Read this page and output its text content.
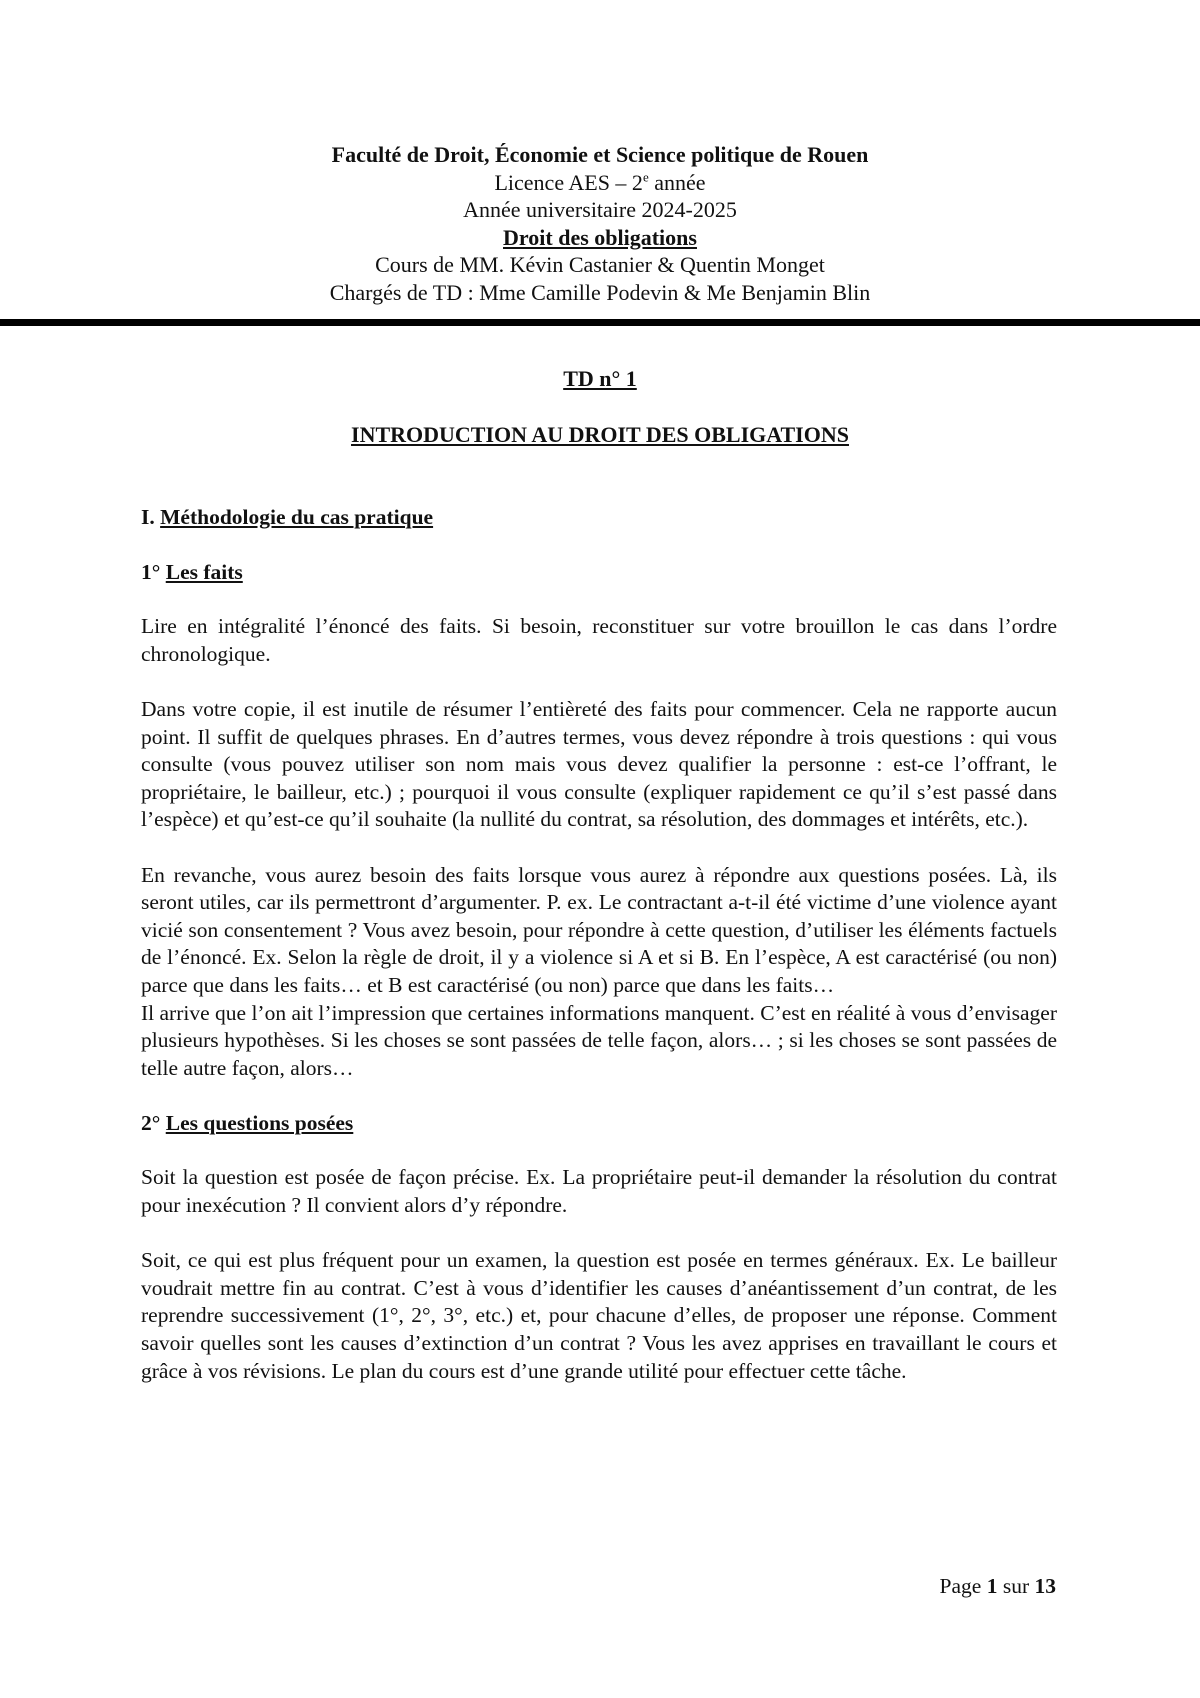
Faculté de Droit, Économie et Science politique de Rouen
Licence AES – 2e année
Année universitaire 2024-2025
Droit des obligations
Cours de MM. Kévin Castanier & Quentin Monget
Chargés de TD : Mme Camille Podevin & Me Benjamin Blin
TD n° 1
INTRODUCTION AU DROIT DES OBLIGATIONS
I. Méthodologie du cas pratique
1° Les faits

Lire en intégralité l’énoncé des faits. Si besoin, reconstituer sur votre brouillon le cas dans l’ordre chronologique.

Dans votre copie, il est inutile de résumer l’entièreté des faits pour commencer. Cela ne rapporte aucun point. Il suffit de quelques phrases. En d’autres termes, vous devez répondre à trois questions : qui vous consulte (vous pouvez utiliser son nom mais vous devez qualifier la personne : est-ce l’offrant, le propriétaire, le bailleur, etc.) ; pourquoi il vous consulte (expliquer rapidement ce qu’il s’est passé dans l’espèce) et qu’est-ce qu’il souhaite (la nullité du contrat, sa résolution, des dommages et intérêts, etc.).

En revanche, vous aurez besoin des faits lorsque vous aurez à répondre aux questions posées. Là, ils seront utiles, car ils permettront d’argumenter. P. ex. Le contractant a-t-il été victime d’une violence ayant vicié son consentement ? Vous avez besoin, pour répondre à cette question, d’utiliser les éléments factuels de l’énoncé. Ex. Selon la règle de droit, il y a violence si A et si B. En l’espèce, A est caractérisé (ou non) parce que dans les faits… et B est caractérisé (ou non) parce que dans les faits…

Il arrive que l’on ait l’impression que certaines informations manquent. C’est en réalité à vous d’envisager plusieurs hypothèses. Si les choses se sont passées de telle façon, alors… ; si les choses se sont passées de telle autre façon, alors…

2° Les questions posées

Soit la question est posée de façon précise. Ex. La propriétaire peut-il demander la résolution du contrat pour inexécution ? Il convient alors d’y répondre.

Soit, ce qui est plus fréquent pour un examen, la question est posée en termes généraux. Ex. Le bailleur voudrait mettre fin au contrat. C’est à vous d’identifier les causes d’anéantissement d’un contrat, de les reprendre successivement (1°, 2°, 3°, etc.) et, pour chacune d’elles, de proposer une réponse. Comment savoir quelles sont les causes d’extinction d’un contrat ? Vous les avez apprises en travaillant le cours et grâce à vos révisions. Le plan du cours est d’une grande utilité pour effectuer cette tâche.

Page 1 sur 13
